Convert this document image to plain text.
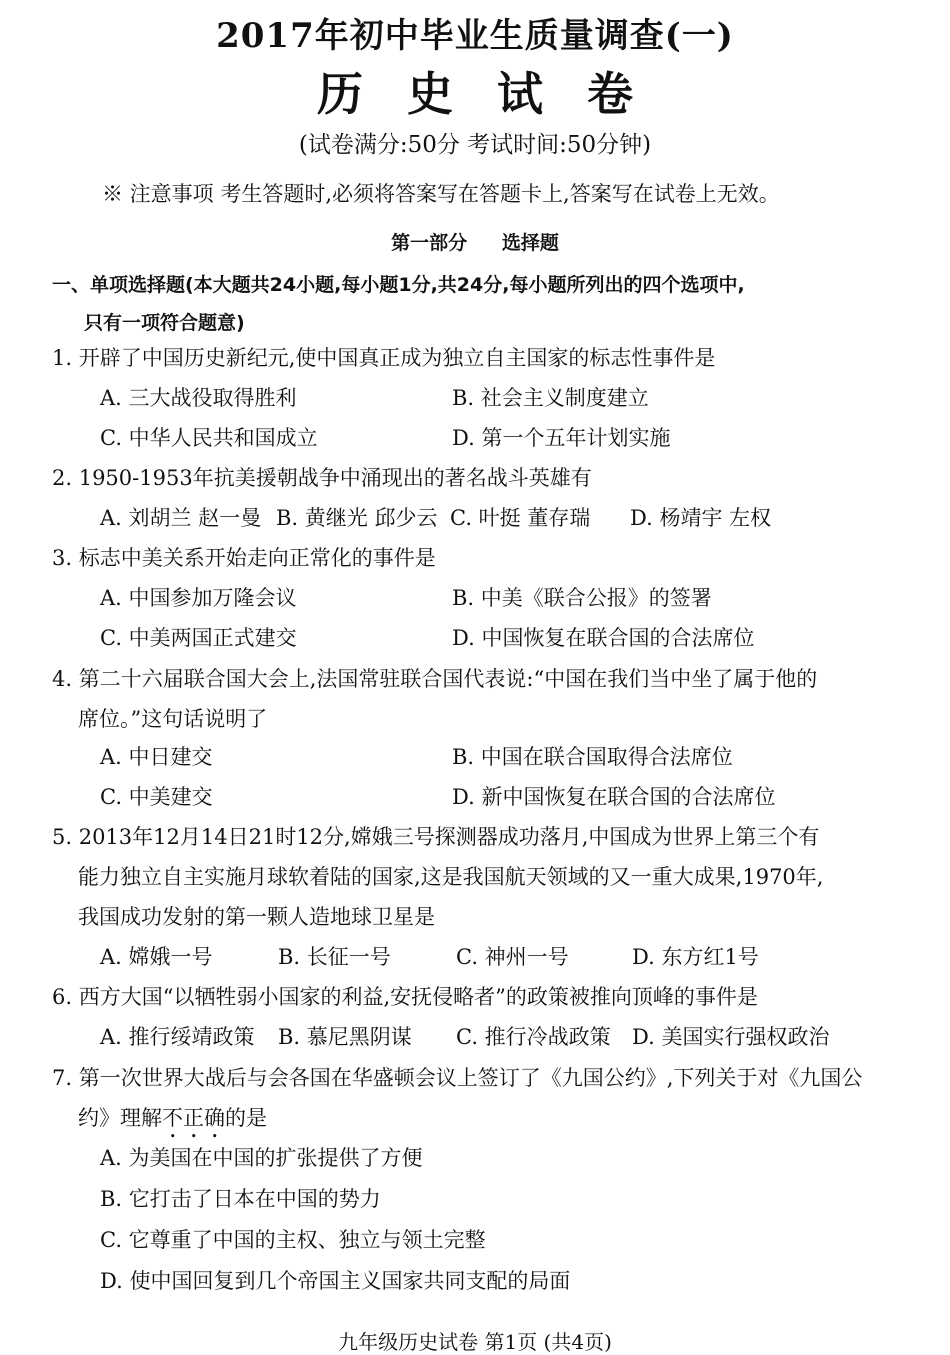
2017年初中毕业生质量调查(一)
历史试卷
(试卷满分:50分 考试时间:50分钟)
※ 注意事项 考生答题时,必须将答案写在答题卡上,答案写在试卷上无效。
第一部分 选择题
一、单项选择题(本大题共24小题,每小题1分,共24分,每小题所列出的四个选项中,
只有一项符合题意)
1. 开辟了中国历史新纪元,使中国真正成为独立自主国家的标志性事件是
A. 三大战役取得胜利	B. 社会主义制度建立
C. 中华人民共和国成立	D. 第一个五年计划实施
2. 1950-1953年抗美援朝战争中涌现出的著名战斗英雄有
A. 刘胡兰 赵一曼 B. 黄继光 邱少云 C. 叶挺 董存瑞 D. 杨靖宇 左权
3. 标志中美关系开始走向正常化的事件是
A. 中国参加万隆会议	B. 中美《联合公报》的签署
C. 中美两国正式建交	D. 中国恢复在联合国的合法席位
4. 第二十六届联合国大会上,法国常驻联合国代表说:“中国在我们当中坐了属于他的
席位。”这句话说明了
A. 中日建交	B. 中国在联合国取得合法席位
C. 中美建交	D. 新中国恢复在联合国的合法席位
5. 2013年12月14日21时12分,嫦娥三号探测器成功落月,中国成为世界上第三个有
能力独立自主实施月球软着陆的国家,这是我国航天领域的又一重大成果,1970年,
我国成功发射的第一颗人造地球卫星是
A. 嫦娥一号	B. 长征一号	C. 神州一号	D. 东方红1号
6. 西方大国“以牺牲弱小国家的利益,安抚侵略者”的政策被推向顶峰的事件是
A. 推行绥靖政策 B. 慕尼黑阴谋 C. 推行冷战政策 D. 美国实行强权政治
7. 第一次世界大战后与会各国在华盛顿会议上签订了《九国公约》,下列关于对《九国公
约》理解不正确的是
A. 为美国在中国的扩张提供了方便
B. 它打击了日本在中国的势力
C. 它尊重了中国的主权、独立与领土完整
D. 使中国回复到几个帝国主义国家共同支配的局面
九年级历史试卷 第1页 (共4页)
